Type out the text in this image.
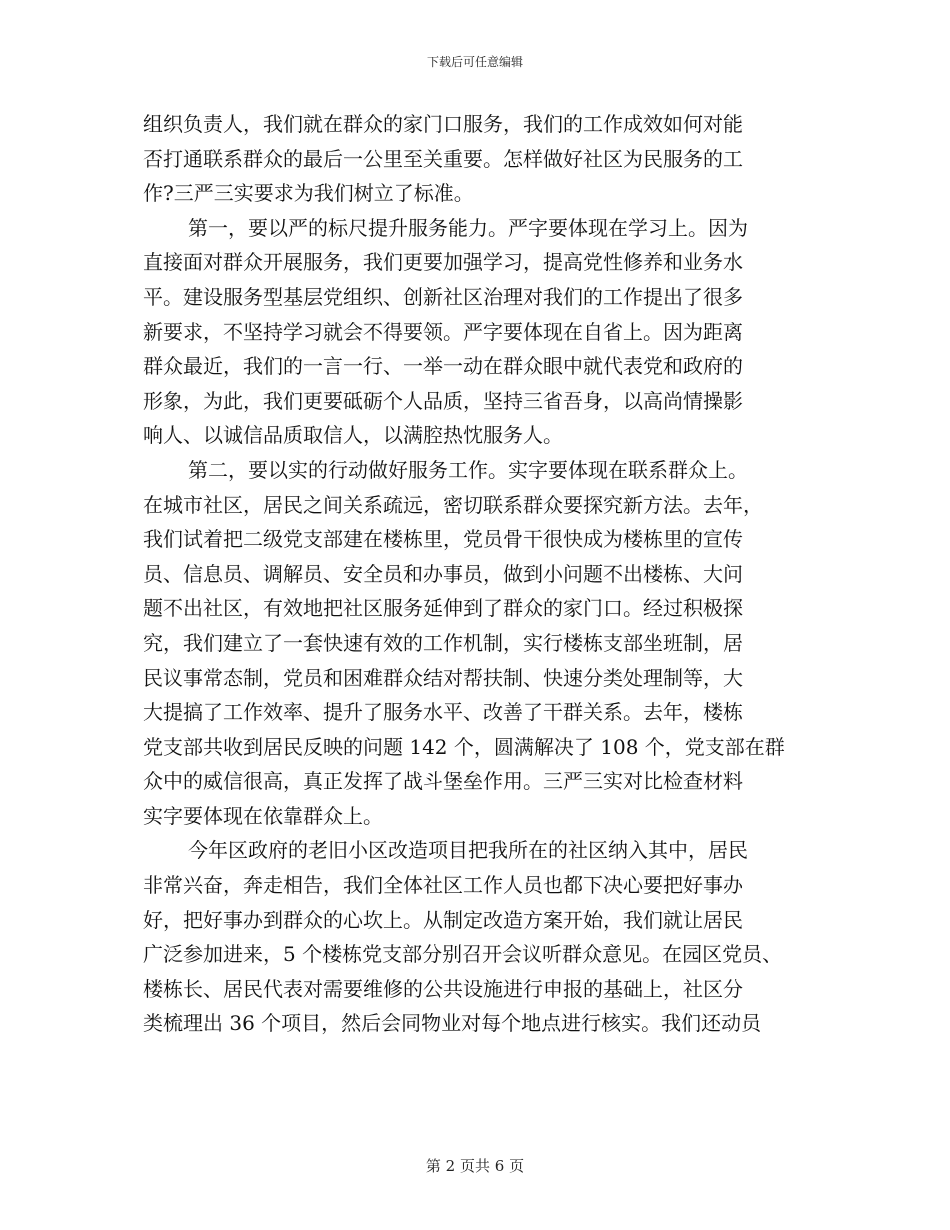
下载后可任意编辑
组织负责人，我们就在群众的家门口服务，我们的工作成效如何对能
否打通联系群众的最后一公里至关重要。怎样做好社区为民服务的工
作?三严三实要求为我们树立了标准。
第一，要以严的标尺提升服务能力。严字要体现在学习上。因为
直接面对群众开展服务，我们更要加强学习，提高党性修养和业务水
平。建设服务型基层党组织、创新社区治理对我们的工作提出了很多
新要求，不坚持学习就会不得要领。严字要体现在自省上。因为距离
群众最近，我们的一言一行、一举一动在群众眼中就代表党和政府的
形象，为此，我们更要砥砺个人品质，坚持三省吾身，以高尚情操影
响人、以诚信品质取信人，以满腔热忱服务人。
第二，要以实的行动做好服务工作。实字要体现在联系群众上。
在城市社区，居民之间关系疏远，密切联系群众要探究新方法。去年，
我们试着把二级党支部建在楼栋里，党员骨干很快成为楼栋里的宣传
员、信息员、调解员、安全员和办事员，做到小问题不出楼栋、大问
题不出社区，有效地把社区服务延伸到了群众的家门口。经过积极探
究，我们建立了一套快速有效的工作机制，实行楼栋支部坐班制，居
民议事常态制，党员和困难群众结对帮扶制、快速分类处理制等，大
大提搞了工作效率、提升了服务水平、改善了干群关系。去年，楼栋
党支部共收到居民反映的问题 142 个，圆满解决了 108 个，党支部在群
众中的威信很高，真正发挥了战斗堡垒作用。三严三实对比检查材料
实字要体现在依靠群众上。
今年区政府的老旧小区改造项目把我所在的社区纳入其中，居民
非常兴奋，奔走相告，我们全体社区工作人员也都下决心要把好事办
好，把好事办到群众的心坎上。从制定改造方案开始，我们就让居民
广泛参加进来，5 个楼栋党支部分别召开会议听群众意见。在园区党员、
楼栋长、居民代表对需要维修的公共设施进行申报的基础上，社区分
类梳理出 36 个项目，然后会同物业对每个地点进行核实。我们还动员
第 2 页共 6 页
